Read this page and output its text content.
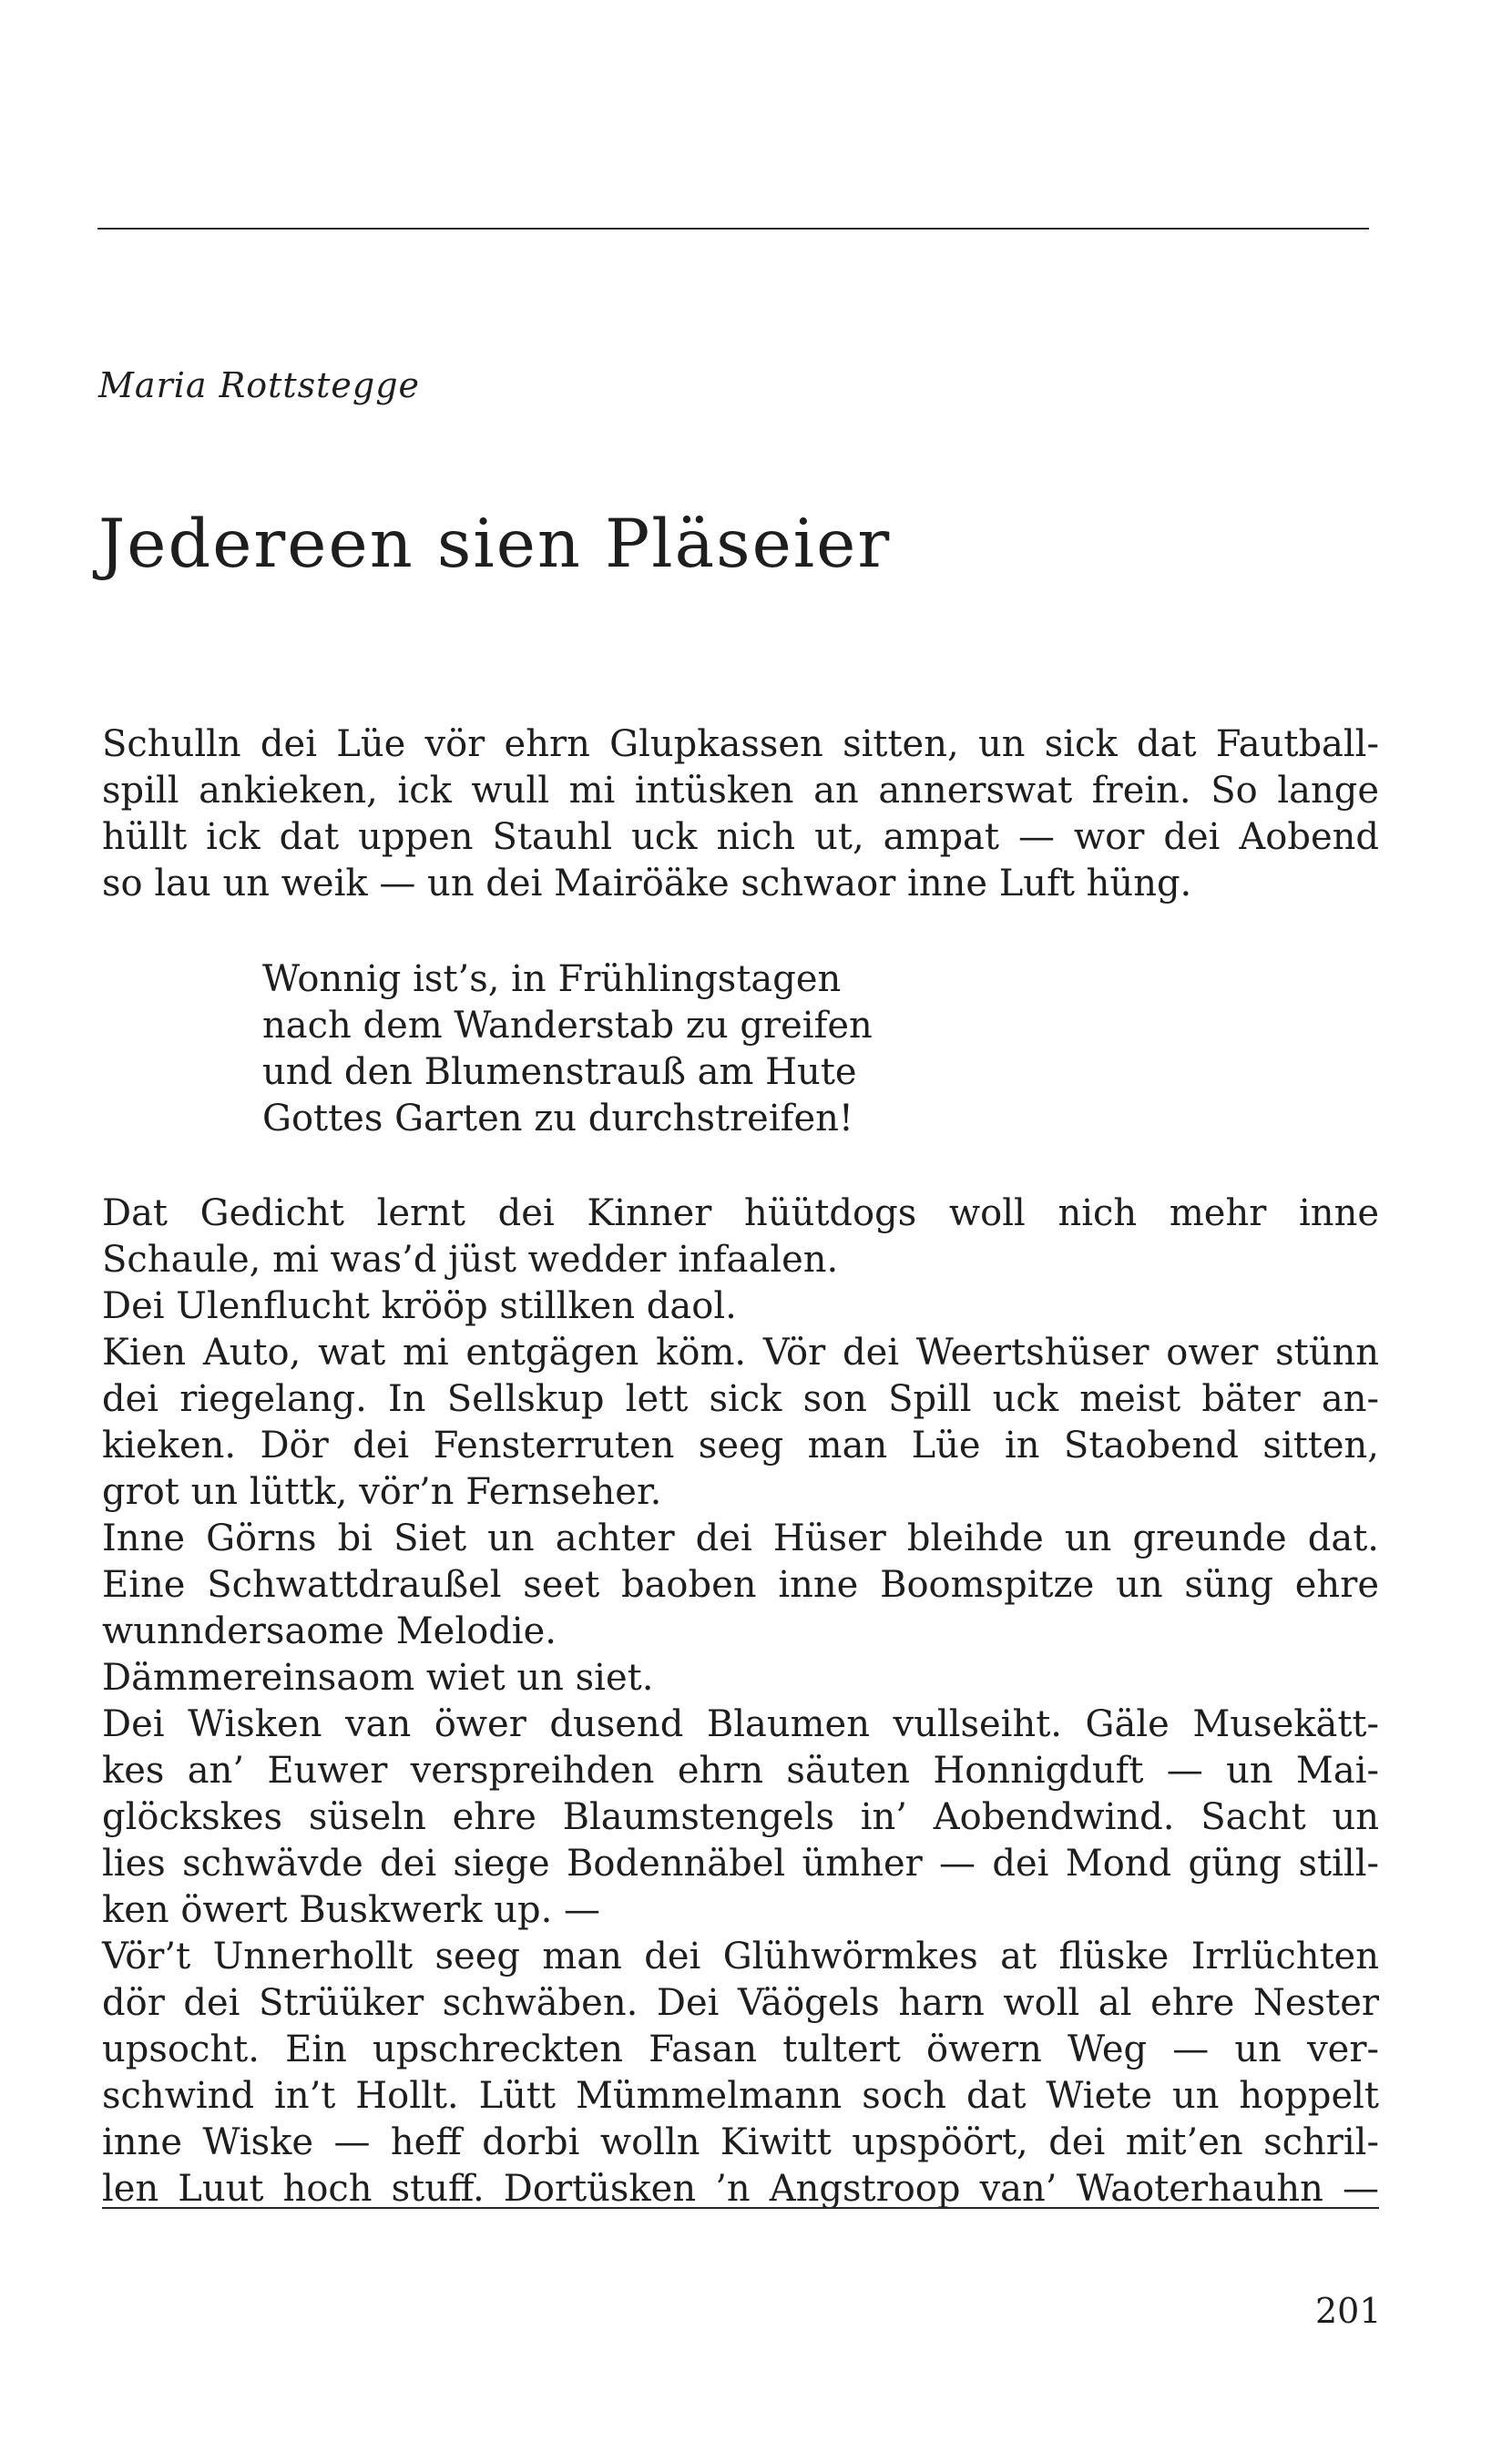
Maria Rottstegge
Jedereen sien Pläseier
Schulln dei Lüe vör ehrn Glupkassen sitten, un sick dat Fautball-
spill ankieken, ick wull mi intüsken an annerswat frein. So lange
hüllt ick dat uppen Stauhl uck nich ut, ampat — wor dei Aobend
so lau un weik — un dei Mairöäke schwaor inne Luft hüng.
Wonnig ist’s, in Frühlingstagen
nach dem Wanderstab zu greifen
und den Blumenstrauß am Hute
Gottes Garten zu durchstreifen!
Dat Gedicht lernt dei Kinner hüütdogs woll nich mehr inne
Schaule, mi was’d jüst wedder infaalen.
Dei Ulenflucht krööp stillken daol.
Kien Auto, wat mi entgägen köm. Vör dei Weertshüser ower stünn
dei riegelang. In Sellskup lett sick son Spill uck meist bäter an-
kieken. Dör dei Fensterruten seeg man Lüe in Staobend sitten,
grot un lüttk, vör’n Fernseher.
Inne Görns bi Siet un achter dei Hüser bleihde un greunde dat.
Eine Schwattdraußel seet baoben inne Boomspitze un süng ehre
wunndersaome Melodie.
Dämmereinsaom wiet un siet.
Dei Wisken van öwer dusend Blaumen vullseiht. Gäle Musekätt-
kes an’ Euwer verspreihden ehrn säuten Honnigduft — un Mai-
glöckskes süseln ehre Blaumstengels in’ Aobendwind. Sacht un
lies schwävde dei siege Bodennäbel ümher — dei Mond güng still-
ken öwert Buskwerk up. —
Vör’t Unnerhollt seeg man dei Glühwörmkes at flüske Irrlüchten
dör dei Strüüker schwäben. Dei Väögels harn woll al ehre Nester
upsocht. Ein upschreckten Fasan tultert öwern Weg — un ver-
schwind in’t Hollt. Lütt Mümmelmann soch dat Wiete un hoppelt
inne Wiske — heff dorbi wolln Kiwitt upspöört, dei mit’en schril-
len Luut hoch stuff. Dortüsken ’n Angstroop van’ Waoterhauhn —
201
